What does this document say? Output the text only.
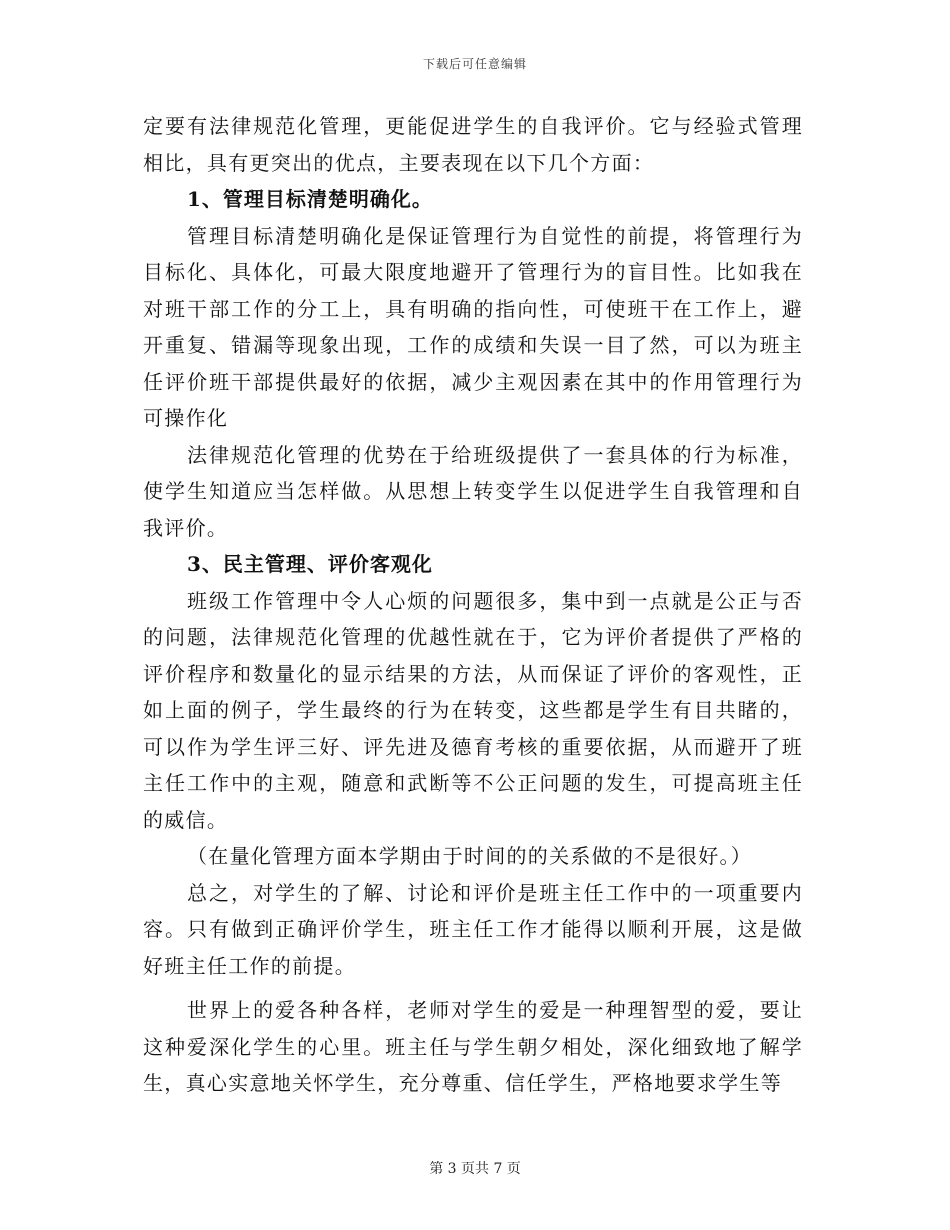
下载后可任意编辑

定要有法律规范化管理，更能促进学生的自我评价。它与经验式管理相比，具有更突出的优点，主要表现在以下几个方面：

1、管理目标清楚明确化。

管理目标清楚明确化是保证管理行为自觉性的前提，将管理行为目标化、具体化，可最大限度地避开了管理行为的盲目性。比如我在对班干部工作的分工上，具有明确的指向性，可使班干在工作上，避开重复、错漏等现象出现，工作的成绩和失误一目了然，可以为班主任评价班干部提供最好的依据，减少主观因素在其中的作用管理行为可操作化

法律规范化管理的优势在于给班级提供了一套具体的行为标准，使学生知道应当怎样做。从思想上转变学生以促进学生自我管理和自我评价。

3、民主管理、评价客观化

班级工作管理中令人心烦的问题很多，集中到一点就是公正与否的问题，法律规范化管理的优越性就在于，它为评价者提供了严格的评价程序和数量化的显示结果的方法，从而保证了评价的客观性，正如上面的例子，学生最终的行为在转变，这些都是学生有目共睹的，可以作为学生评三好、评先进及德育考核的重要依据，从而避开了班主任工作中的主观，随意和武断等不公正问题的发生，可提高班主任的威信。

（在量化管理方面本学期由于时间的的关系做的不是很好。）

总之，对学生的了解、讨论和评价是班主任工作中的一项重要内容。只有做到正确评价学生，班主任工作才能得以顺利开展，这是做好班主任工作的前提。

世界上的爱各种各样，老师对学生的爱是一种理智型的爱，要让这种爱深化学生的心里。班主任与学生朝夕相处，深化细致地了解学生，真心实意地关怀学生，充分尊重、信任学生，严格地要求学生等

第 3 页共 7 页
